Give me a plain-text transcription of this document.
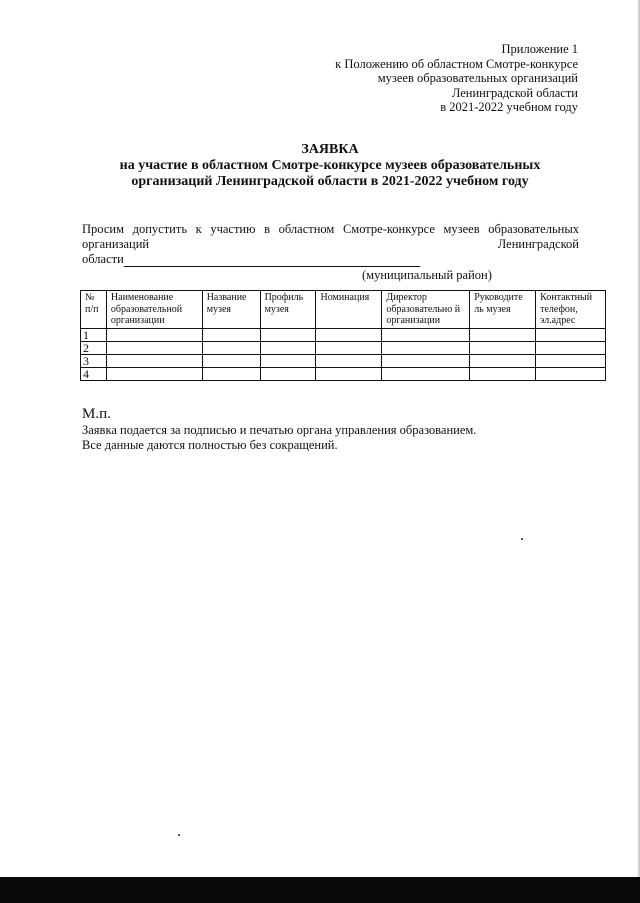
Приложение 1
к Положению об областном Смотре-конкурсе
музеев образовательных организаций
Ленинградской области
в 2021-2022 учебном году
ЗАЯВКА
на участие в областном Смотре-конкурсе музеев образовательных
организаций Ленинградской области в 2021-2022 учебном году
Просим допустить к участию в областном Смотре-конкурсе музеев образовательных
организаций	Ленинградской
области
(муниципальный район)
№ п/п	Наименование образовательной организации	Название музея	Профиль музея	Номинация	Директор образовательно й организации	Руководите ль музея	Контактный телефон, эл.адрес
1							
2							
3							
4							
М.п.
Заявка подается за подписью и печатью органа управления образованием.
Все данные даются полностью без сокращений.
